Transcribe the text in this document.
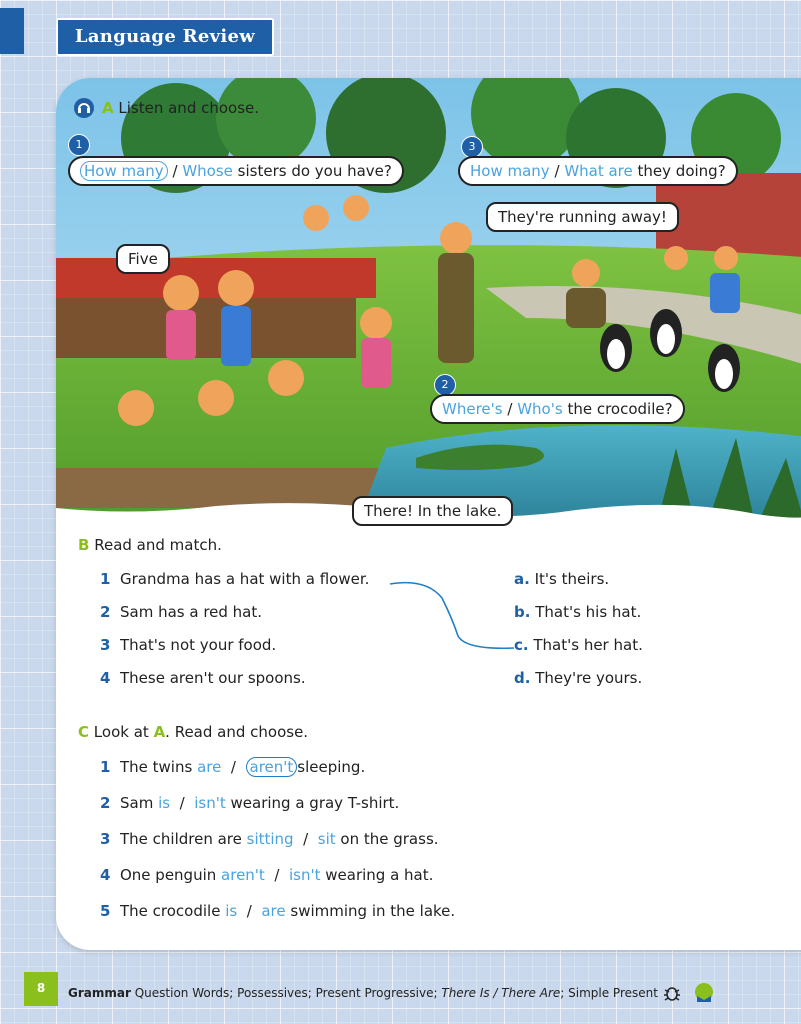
Language Review
A Listen and choose.
1
How many / Whose sisters do you have?
Five
3
How many / What are they doing?
They're running away!
2
Where's / Who's the crocodile?
There! In the lake.
B Read and match.
1 Grandma has a hat with a flower.
2 Sam has a red hat.
3 That's not your food.
4 These aren't our spoons.
a. It's theirs.
b. That's his hat.
c. That's her hat.
d. They're yours.
C Look at A. Read and choose.
1 The twins are / aren't sleeping.
2 Sam is / isn't wearing a gray T-shirt.
3 The children are sitting / sit on the grass.
4 One penguin aren't / isn't wearing a hat.
5 The crocodile is / are swimming in the lake.
8	Grammar Question Words; Possessives; Present Progressive; There Is / There Are; Simple Present
